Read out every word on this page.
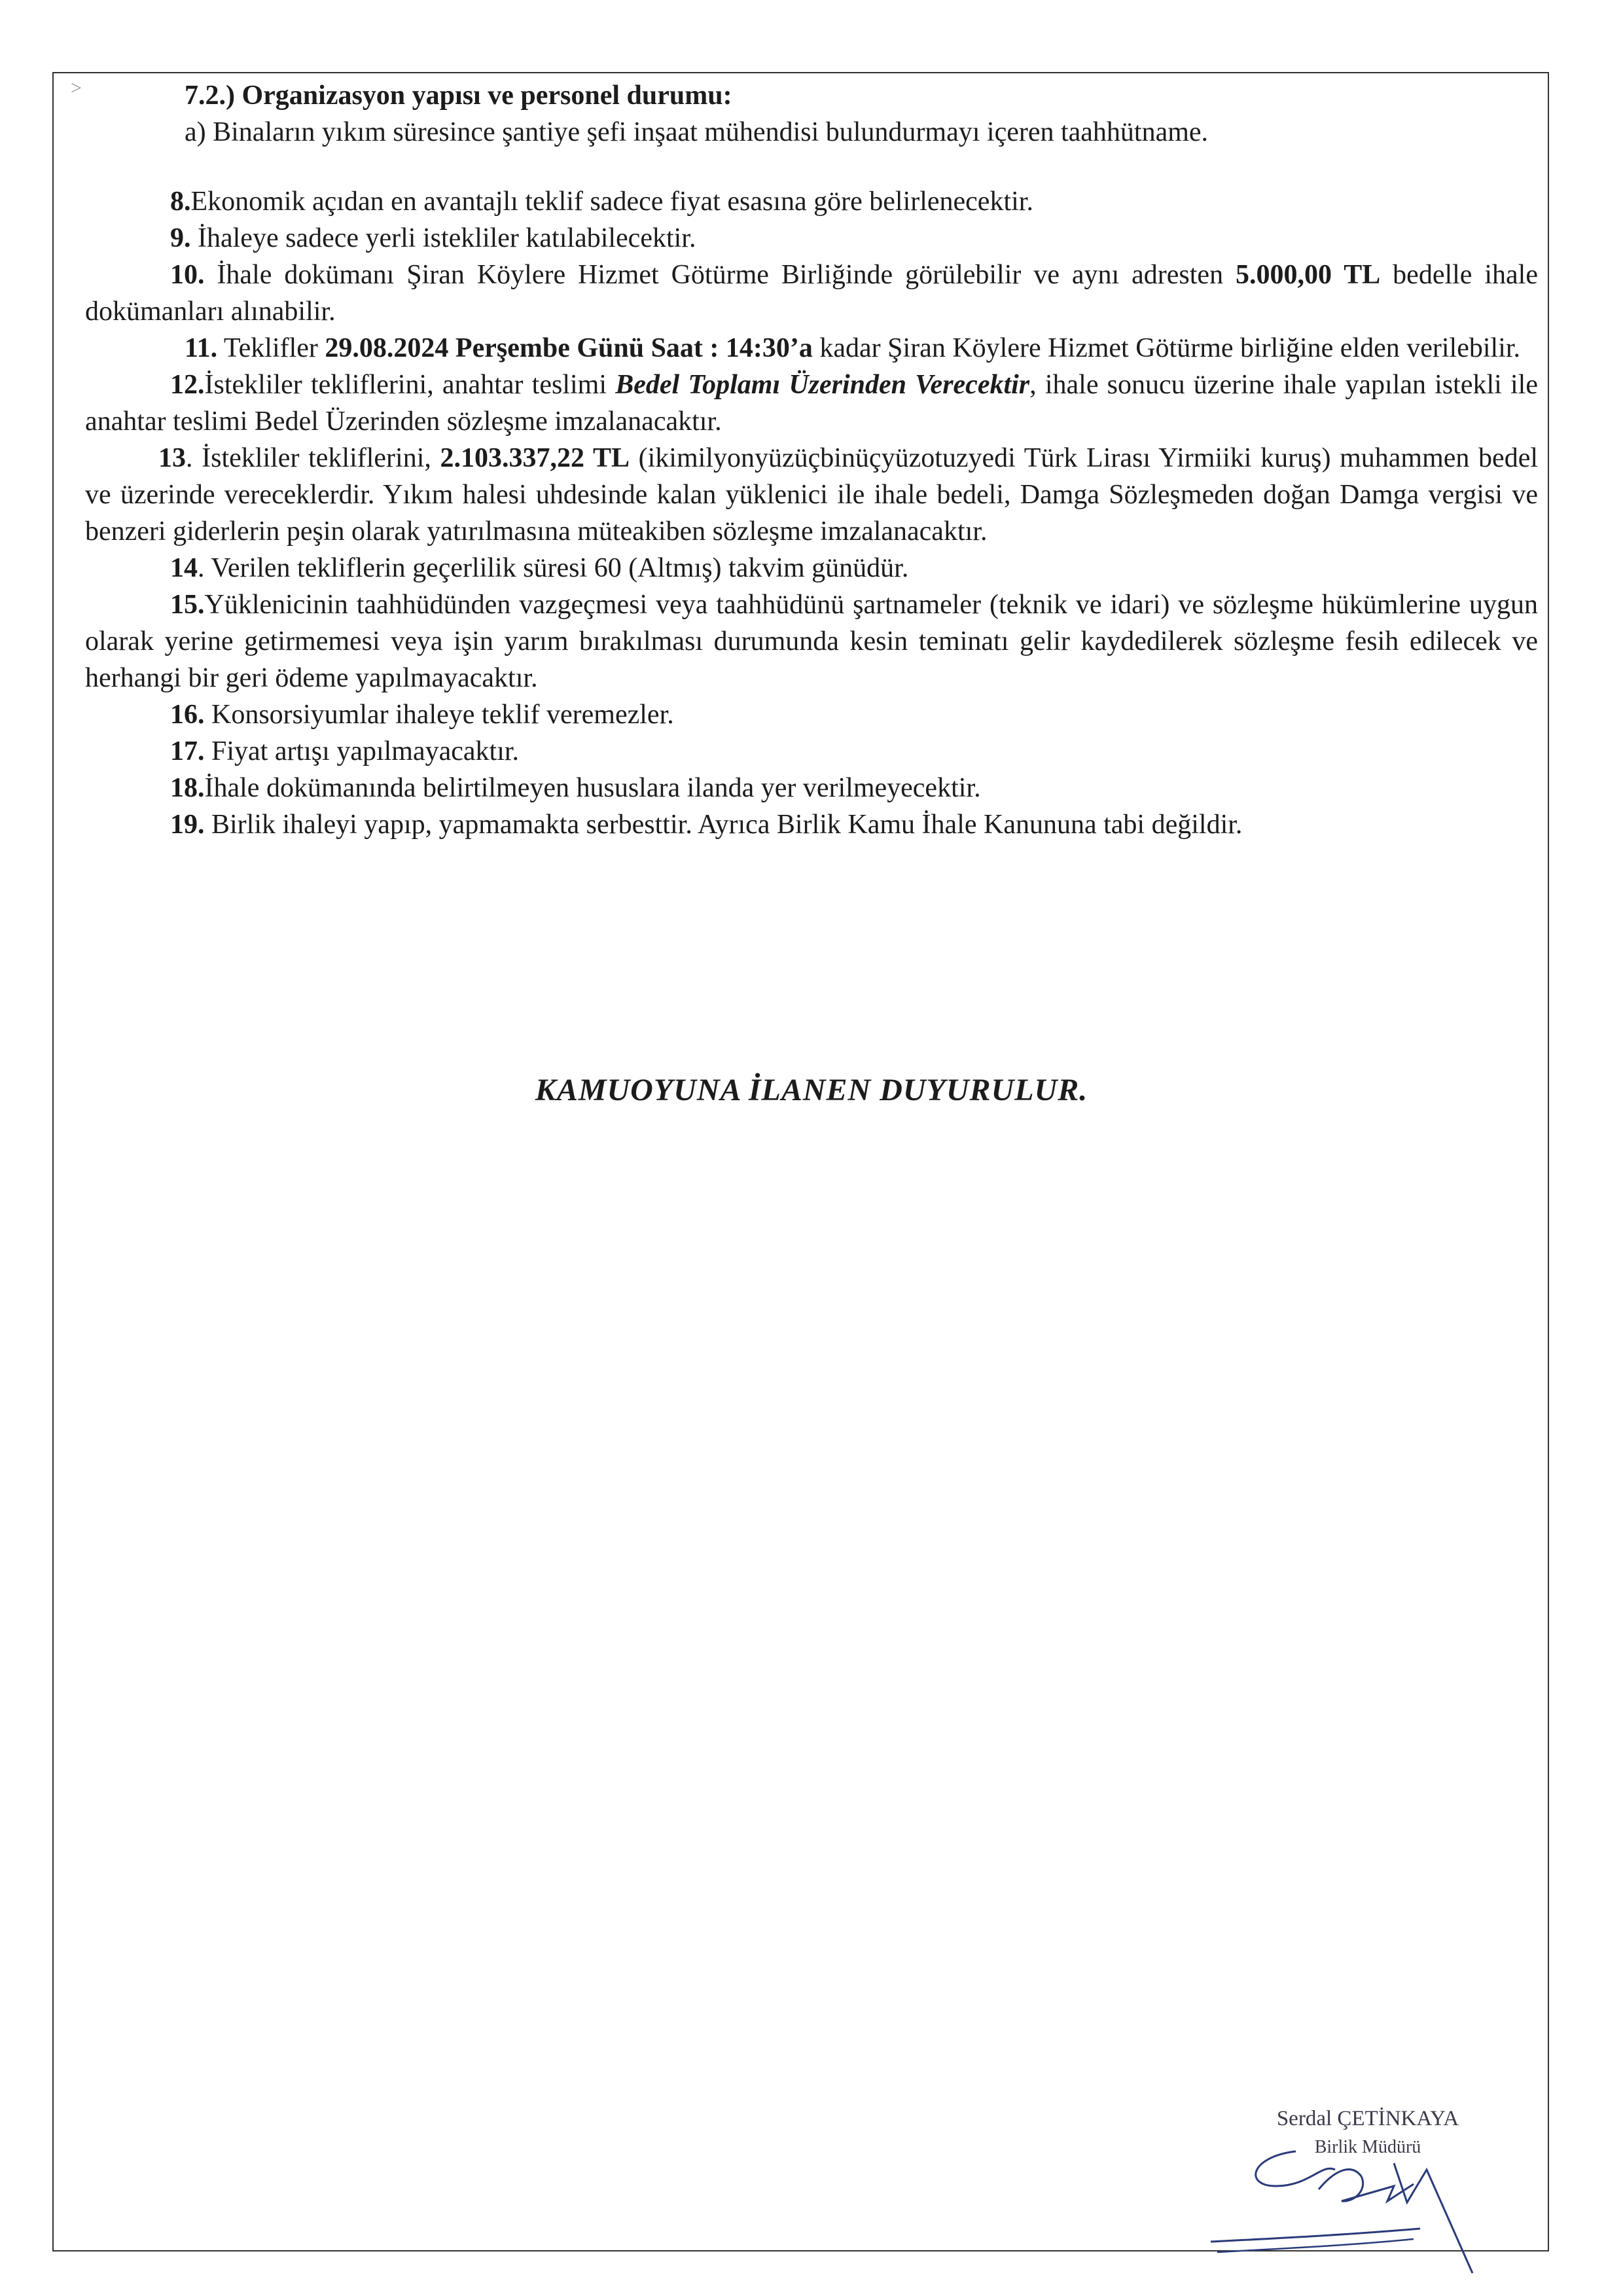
˃	7.2.) Organizasyon yapısı ve personel durumu:

a) Binaların yıkım süresince şantiye şefi inşaat mühendisi bulundurmayı içeren taahhütname.

8.Ekonomik açıdan en avantajlı teklif sadece fiyat esasına göre belirlenecektir.

9. İhaleye sadece yerli istekliler katılabilecektir.

10. İhale dokümanı Şiran Köylere Hizmet Götürme Birliğinde görülebilir ve aynı adresten 5.000,00 TL bedelle ihale dokümanları alınabilir.

11. Teklifler 29.08.2024 Perşembe Günü Saat : 14:30’a kadar Şiran Köylere Hizmet Götürme birliğine elden verilebilir.

12.İstekliler tekliflerini, anahtar teslimi Bedel Toplamı Üzerinden Verecektir, ihale sonucu üzerine ihale yapılan istekli ile anahtar teslimi Bedel Üzerinden sözleşme imzalanacaktır.

13. İstekliler tekliflerini, 2.103.337,22 TL (ikimilyonyüzüçbinüçyüzotuzyedi Türk Lirası Yirmiiki kuruş) muhammen bedel ve üzerinde vereceklerdir. Yıkım halesi uhdesinde kalan yüklenici ile ihale bedeli, Damga Sözleşmeden doğan Damga vergisi ve benzeri giderlerin peşin olarak yatırılmasına müteakiben sözleşme imzalanacaktır.

14. Verilen tekliflerin geçerlilik süresi 60 (Altmış) takvim günüdür.

15.Yüklenicinin taahhüdünden vazgeçmesi veya taahhüdünü şartnameler (teknik ve idari) ve sözleşme hükümlerine uygun olarak yerine getirmemesi veya işin yarım bırakılması durumunda kesin teminatı gelir kaydedilerek sözleşme fesih edilecek ve herhangi bir geri ödeme yapılmayacaktır.

16. Konsorsiyumlar ihaleye teklif veremezler.

17. Fiyat artışı yapılmayacaktır.

18.İhale dokümanında belirtilmeyen hususlara ilanda yer verilmeyecektir.

19. Birlik ihaleyi yapıp, yapmamakta serbesttir. Ayrıca Birlik Kamu İhale Kanununa tabi değildir.

KAMUOYUNA İLANEN DUYURULUR.
Serdal ÇETİNKAYA
Birlik Müdürü
